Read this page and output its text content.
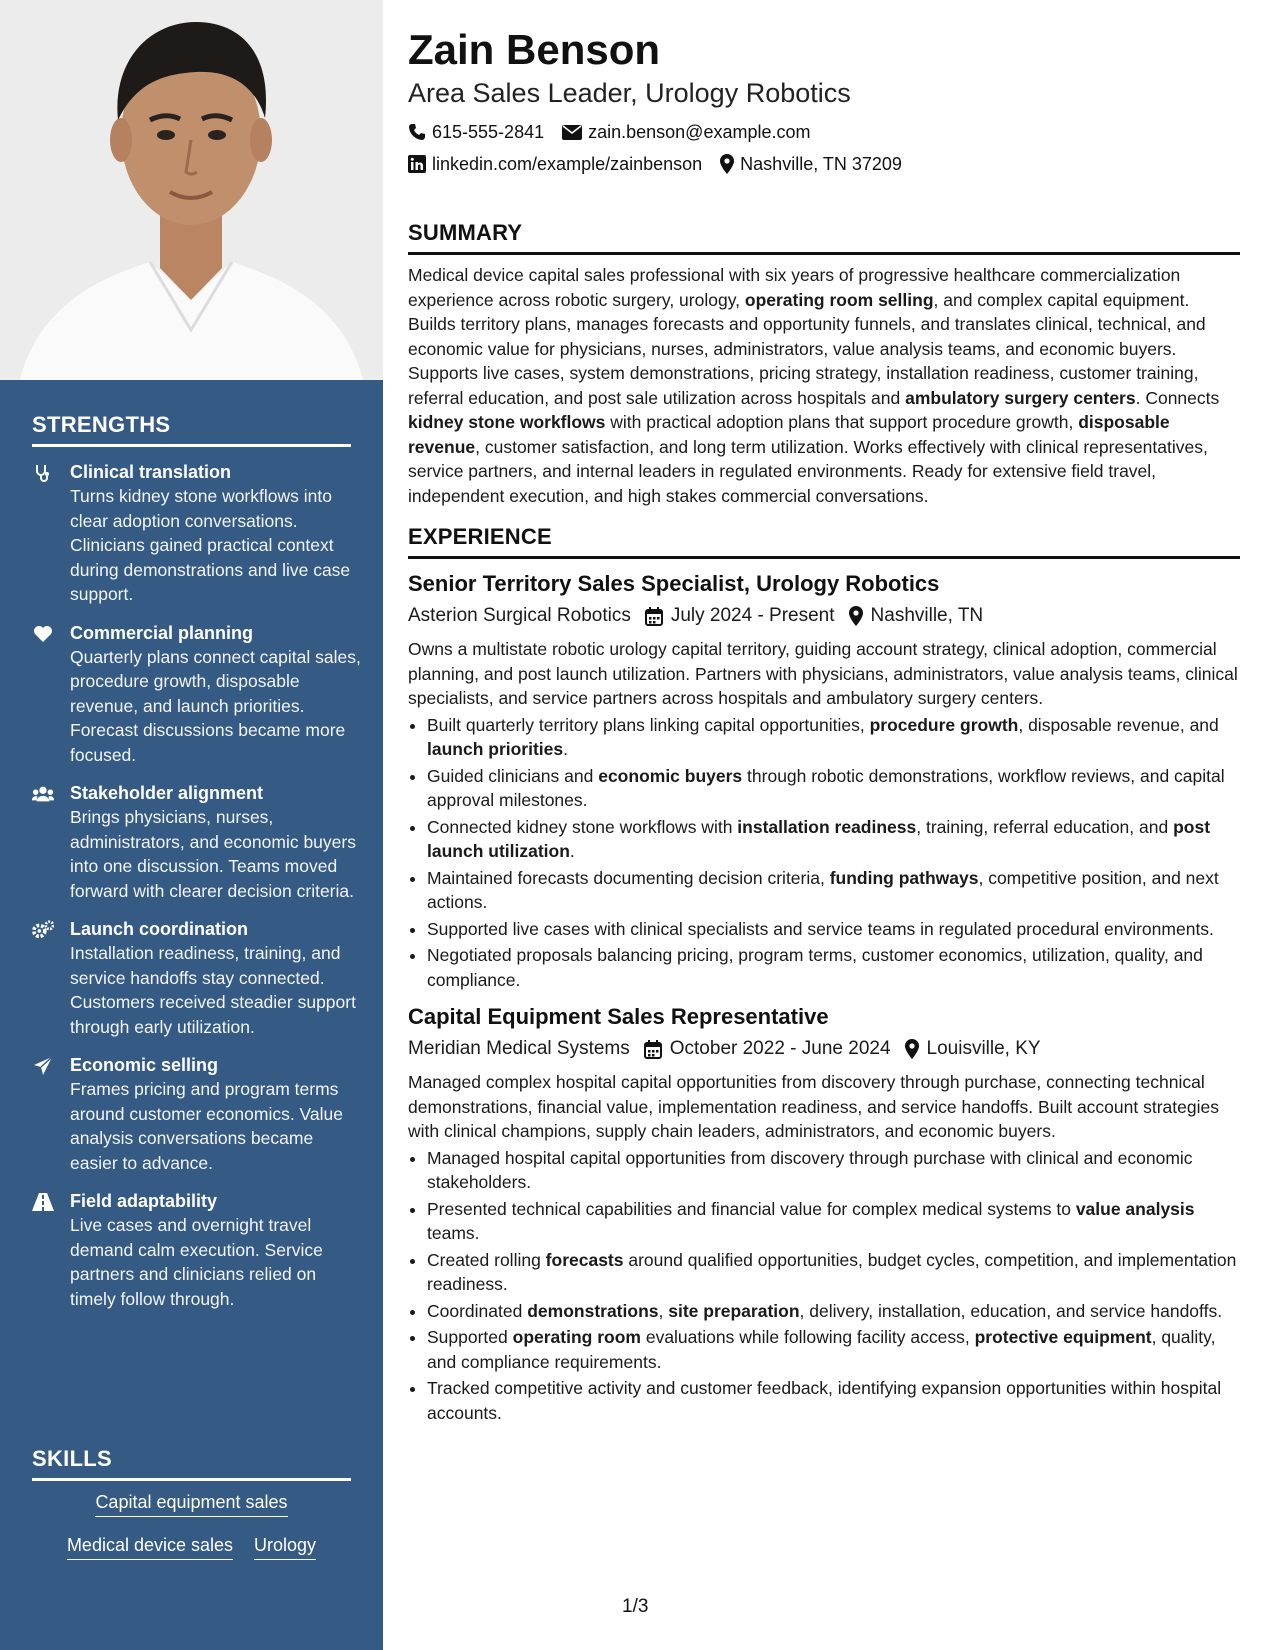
STRENGTHS
Clinical translation
Turns kidney stone workflows into clear adoption conversations. Clinicians gained practical context during demonstrations and live case support.
Commercial planning
Quarterly plans connect capital sales, procedure growth, disposable revenue, and launch priorities. Forecast discussions became more focused.
Stakeholder alignment
Brings physicians, nurses, administrators, and economic buyers into one discussion. Teams moved forward with clearer decision criteria.
Launch coordination
Installation readiness, training, and service handoffs stay connected. Customers received steadier support through early utilization.
Economic selling
Frames pricing and program terms around customer economics. Value analysis conversations became easier to advance.
Field adaptability
Live cases and overnight travel demand calm execution. Service partners and clinicians relied on timely follow through.
SKILLS
Capital equipment sales
Medical device sales Urology
Zain Benson
Area Sales Leader, Urology Robotics
615-555-2841 zain.benson@example.com
linkedin.com/example/zainbenson Nashville, TN 37209
SUMMARY

Medical device capital sales professional with six years of progressive healthcare commercialization experience across robotic surgery, urology, operating room selling, and complex capital equipment. Builds territory plans, manages forecasts and opportunity funnels, and translates clinical, technical, and economic value for physicians, nurses, administrators, value analysis teams, and economic buyers. Supports live cases, system demonstrations, pricing strategy, installation readiness, customer training, referral education, and post sale utilization across hospitals and ambulatory surgery centers. Connects kidney stone workflows with practical adoption plans that support procedure growth, disposable revenue, customer satisfaction, and long term utilization. Works effectively with clinical representatives, service partners, and internal leaders in regulated environments. Ready for extensive field travel, independent execution, and high stakes commercial conversations.

EXPERIENCE
Senior Territory Sales Specialist, Urology Robotics
Asterion Surgical Robotics July 2024 - Present Nashville, TN

Owns a multistate robotic urology capital territory, guiding account strategy, clinical adoption, commercial planning, and post launch utilization. Partners with physicians, administrators, value analysis teams, clinical specialists, and service partners across hospitals and ambulatory surgery centers.

• Built quarterly territory plans linking capital opportunities, procedure growth, disposable revenue, and launch priorities.
• Guided clinicians and economic buyers through robotic demonstrations, workflow reviews, and capital approval milestones.
• Connected kidney stone workflows with installation readiness, training, referral education, and post launch utilization.
• Maintained forecasts documenting decision criteria, funding pathways, competitive position, and next actions.
• Supported live cases with clinical specialists and service teams in regulated procedural environments.
• Negotiated proposals balancing pricing, program terms, customer economics, utilization, quality, and compliance.
Capital Equipment Sales Representative
Meridian Medical Systems October 2022 - June 2024 Louisville, KY

Managed complex hospital capital opportunities from discovery through purchase, connecting technical demonstrations, financial value, implementation readiness, and service handoffs. Built account strategies with clinical champions, supply chain leaders, administrators, and economic buyers.

• Managed hospital capital opportunities from discovery through purchase with clinical and economic stakeholders.
• Presented technical capabilities and financial value for complex medical systems to value analysis teams.
• Created rolling forecasts around qualified opportunities, budget cycles, competition, and implementation readiness.
• Coordinated demonstrations, site preparation, delivery, installation, education, and service handoffs.
• Supported operating room evaluations while following facility access, protective equipment, quality, and compliance requirements.
• Tracked competitive activity and customer feedback, identifying expansion opportunities within hospital accounts.
1/3
